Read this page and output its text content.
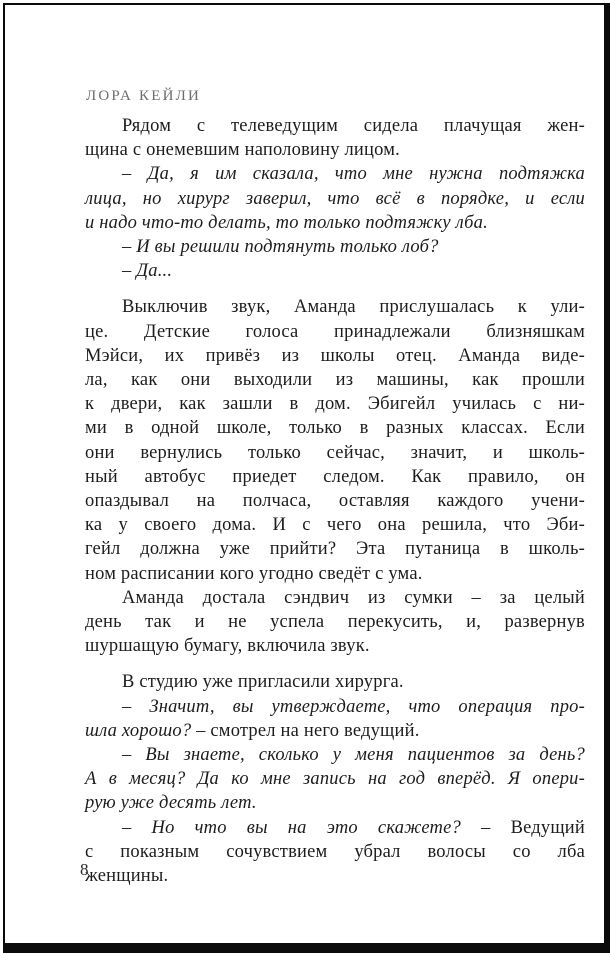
ЛОРА КЕЙЛИ
Рядом с телеведущим сидела плачущая жен-
щина с онемевшим наполовину лицом.
– Да, я им сказала, что мне нужна подтяжка
лица, но хирург заверил, что всё в порядке, и если
и надо что-то делать, то только подтяжку лба.
– И вы решили подтянуть только лоб?
– Да...
Выключив звук, Аманда прислушалась к ули-
це. Детские голоса принадлежали близняшкам
Мэйси, их привёз из школы отец. Аманда виде-
ла, как они выходили из машины, как прошли
к двери, как зашли в дом. Эбигейл училась с ни-
ми в одной школе, только в разных классах. Если
они вернулись только сейчас, значит, и школь-
ный автобус приедет следом. Как правило, он
опаздывал на полчаса, оставляя каждого учени-
ка у своего дома. И с чего она решила, что Эби-
гейл должна уже прийти? Эта путаница в школь-
ном расписании кого угодно сведёт с ума.
Аманда достала сэндвич из сумки – за целый
день так и не успела перекусить, и, развернув
шуршащую бумагу, включила звук.
В студию уже пригласили хирурга.
– Значит, вы утверждаете, что операция про-
шла хорошо? – смотрел на него ведущий.
– Вы знаете, сколько у меня пациентов за день?
А в месяц? Да ко мне запись на год вперёд. Я опери-
рую уже десять лет.
– Но что вы на это скажете? – Ведущий
с показным сочувствием убрал волосы со лба
женщины.
8
